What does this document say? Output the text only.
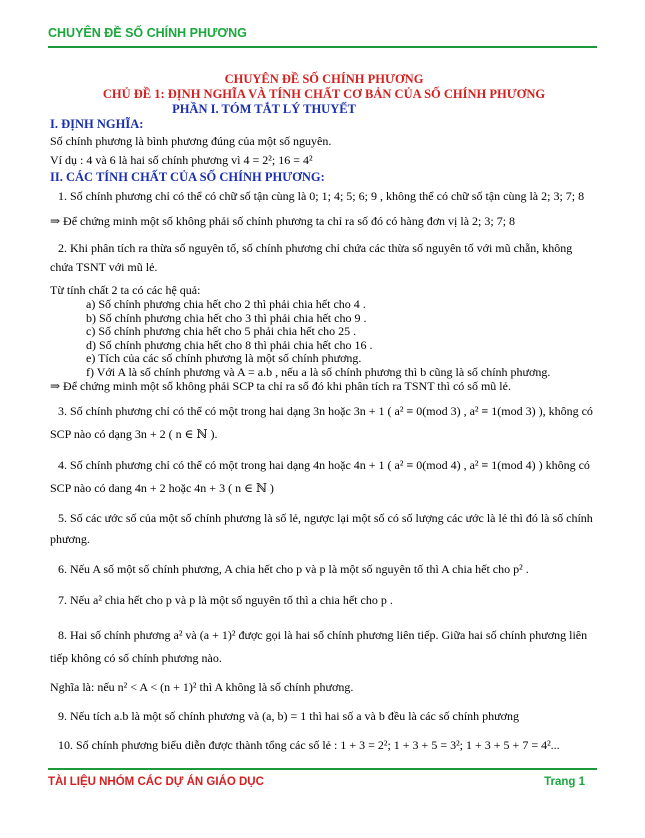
CHUYÊN ĐỀ SỐ CHÍNH PHƯƠNG

CHUYÊN ĐỀ SỐ CHÍNH PHƯƠNG

CHỦ ĐỀ 1: ĐỊNH NGHĨA VÀ TÍNH CHẤT CƠ BẢN CỦA SỐ CHÍNH PHƯƠNG

PHẦN I. TÓM TẮT LÝ THUYẾT

I. ĐỊNH NGHĨA:

Số chính phương là bình phương đúng của một số nguyên.

Ví dụ : 4 và 6 là hai số chính phương vì 4 = 2²; 16 = 4²

II. CÁC TÍNH CHẤT CỦA SỐ CHÍNH PHƯƠNG:

1. Số chính phương chỉ có thể có chữ số tận cùng là 0; 1; 4; 5; 6; 9 , không thể có chữ số tận cùng là 2; 3; 7; 8

⇒ Để chứng minh một số không phải số chính phương ta chỉ ra số đó có hàng đơn vị là 2; 3; 7; 8

2. Khi phân tích ra thừa số nguyên tố, số chính phương chỉ chứa các thừa số nguyên tố với mũ chẵn, không chứa TSNT với mũ lẻ.

Từ tính chất 2 ta có các hệ quả:

a) Số chính phương chia hết cho 2 thì phải chia hết cho 4 .
b) Số chính phương chia hết cho 3 thì phải chia hết cho 9 .
c) Số chính phương chia hết cho 5 phải chia hết cho 25 .
d) Số chính phương chia hết cho 8 thì phải chia hết cho 16 .
e) Tích của các số chính phương là một số chính phương.
f) Với A là số chính phương và A = a.b , nếu a là số chính phương thì b cũng là số chính phương.

⇒ Để chứng minh một số không phải SCP ta chỉ ra số đó khi phân tích ra TSNT thì có số mũ lẻ.

3. Số chính phương chỉ có thể có một trong hai dạng 3n hoặc 3n + 1 ( a² ≡ 0(mod 3) , a² ≡ 1(mod 3) ), không có SCP nào có dạng 3n + 2 ( n ∈ ℕ ).

4. Số chính phương chỉ có thể có một trong hai dạng 4n hoặc 4n + 1 ( a² ≡ 0(mod 4) , a² ≡ 1(mod 4) ) không có SCP nào có dang 4n + 2 hoặc 4n + 3 ( n ∈ ℕ )

5. Số các ước số của một số chính phương là số lẻ, ngược lại một số có số lượng các ước là lẻ thì đó là số chính phương.

6. Nếu A số một số chính phương, A chia hết cho p và p là một số nguyên tố thì A chia hết cho p² .

7. Nếu a² chia hết cho p và p là một số nguyên tố thì a chia hết cho p .

8. Hai số chính phương a² và (a + 1)² được gọi là hai số chính phương liên tiếp. Giữa hai số chính phương liên tiếp không có số chính phương nào.

Nghĩa là: nếu n² < A < (n + 1)² thì A không là số chính phương.

9. Nếu tích a.b là một số chính phương và (a, b) = 1 thì hai số a và b đều là các số chính phương

10. Số chính phương biểu diễn được thành tổng các số lẻ : 1 + 3 = 2²; 1 + 3 + 5 = 3²; 1 + 3 + 5 + 7 = 4²...

TÀI LIỆU NHÓM CÁC DỰ ÁN GIÁO DỤC	Trang 1
